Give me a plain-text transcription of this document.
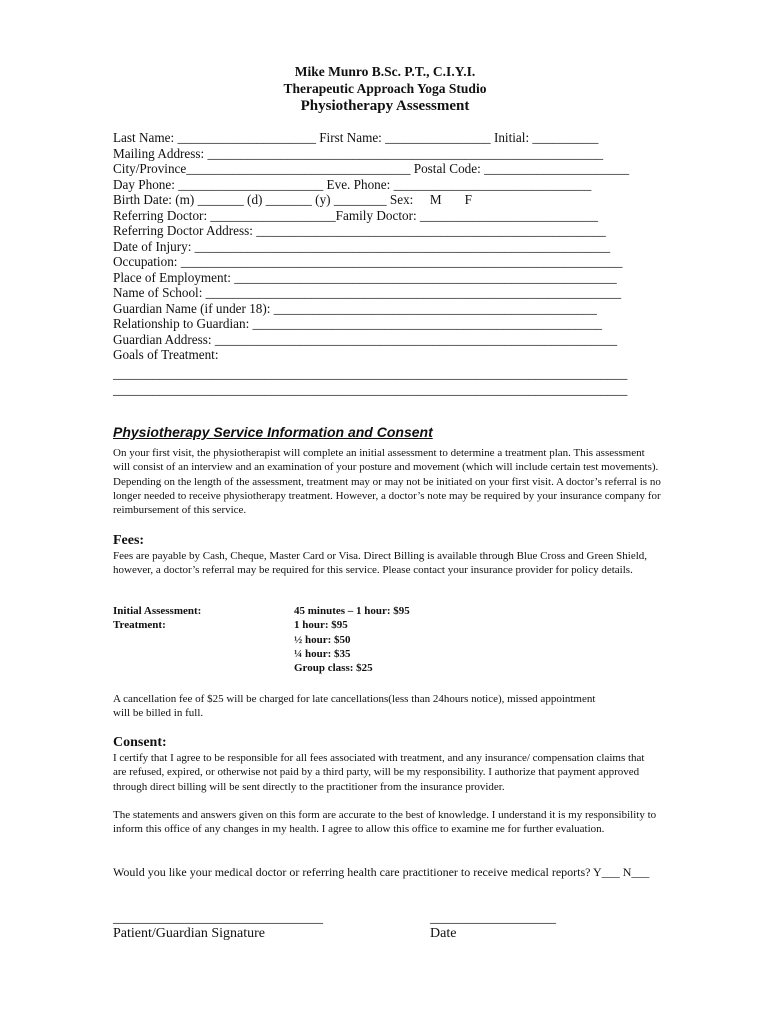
Mike Munro B.Sc. P.T., C.I.Y.I.
Therapeutic Approach Yoga Studio
Physiotherapy Assessment
Last Name: _____________________ First Name: ________________ Initial: __________
Mailing Address: ____________________________________________________________
City/Province__________________________________ Postal Code: ______________________
Day Phone: ______________________ Eve. Phone: ______________________________
Birth Date: (m) _______ (d) _______ (y) ________ Sex:     M       F
Referring Doctor: ___________________Family Doctor: ___________________________
Referring Doctor Address: _____________________________________________________
Date of Injury: _______________________________________________________________
Occupation: ___________________________________________________________________
Place of Employment: __________________________________________________________
Name of School: _______________________________________________________________
Guardian Name (if under 18): _________________________________________________
Relationship to Guardian: _____________________________________________________
Guardian Address: _____________________________________________________________
Goals of Treatment:
______________________________________________________________________________
______________________________________________________________________________
Physiotherapy Service Information and Consent
On your first visit, the physiotherapist will complete an initial assessment to determine a treatment plan. This assessment will consist of an interview and an examination of your posture and movement (which will include certain test movements). Depending on the length of the assessment, treatment may or may not be initiated on your first visit. A doctor’s referral is no longer needed to receive physiotherapy treatment. However, a doctor’s note may be required by your insurance company for reimbursement of this service.
Fees:
Fees are payable by Cash, Cheque, Master Card or Visa. Direct Billing is available through Blue Cross and Green Shield, however, a doctor’s referral may be required for this service. Please contact your insurance provider for policy details.
Initial Assessment:
Treatment:
45 minutes – 1 hour: $95
1 hour: $95
½ hour: $50
¼ hour: $35
Group class: $25
A cancellation fee of $25 will be charged for late cancellations(less than 24hours notice), missed appointment will be billed in full.
Consent:
I certify that I agree to be responsible for all fees associated with treatment, and any insurance/ compensation claims that are refused, expired, or otherwise not paid by a third party, will be my responsibility. I authorize that payment approved through direct billing will be sent directly to the practitioner from the insurance provider.
The statements and answers given on this form are accurate to the best of knowledge. I understand it is my responsibility to inform this office of any changes in my health. I agree to allow this office to examine me for further evaluation.
Would you like your medical doctor or referring health care practitioner to receive medical reports? Y___ N___
______________________________
Patient/Guardian Signature
__________________
Date
